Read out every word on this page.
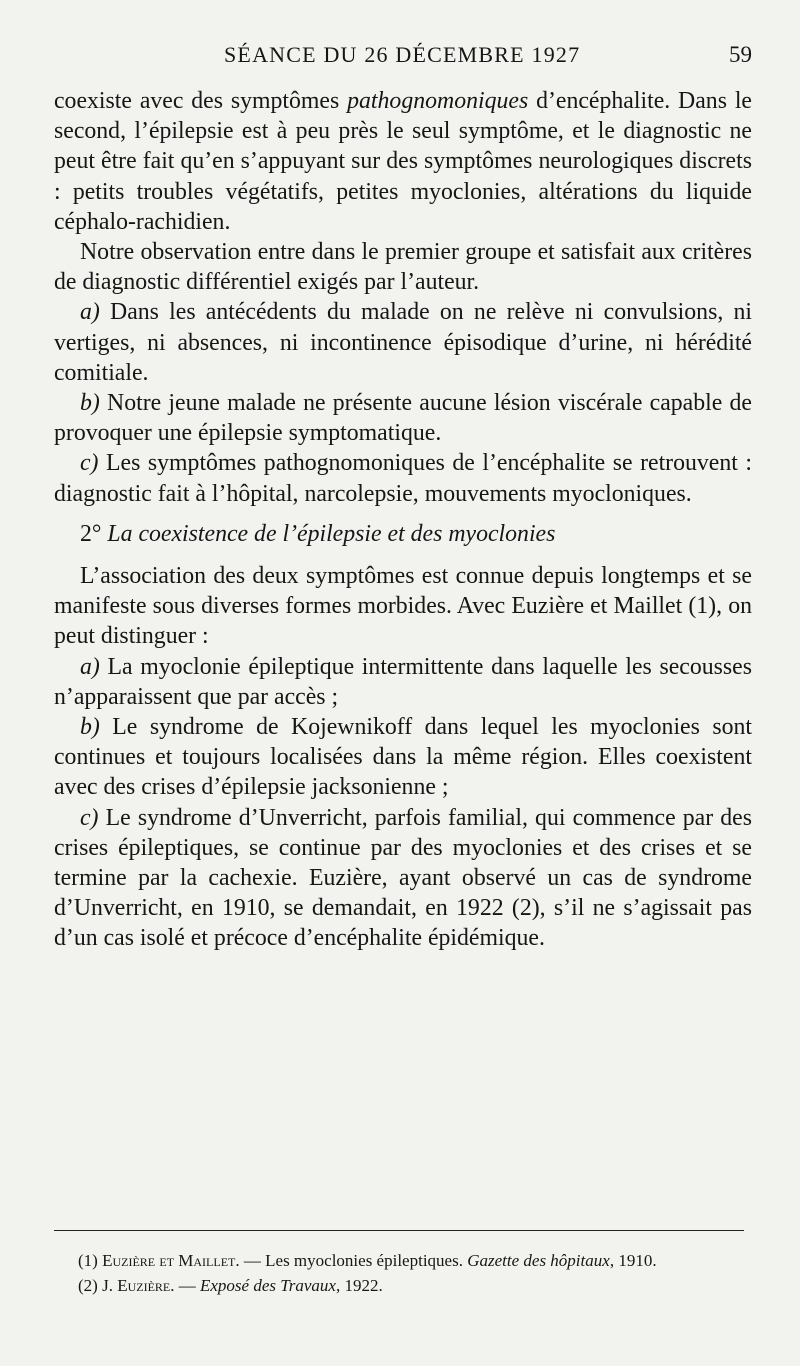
SÉANCE DU 26 DÉCEMBRE 1927	59

coexiste avec des symptômes pathognomoniques d’encéphalite. Dans le second, l’épilepsie est à peu près le seul symptôme, et le diagnostic ne peut être fait qu’en s’appuyant sur des symptômes neurologiques discrets : petits troubles végétatifs, petites myoclonies, altérations du liquide céphalo-rachidien.

Notre observation entre dans le premier groupe et satisfait aux critères de diagnostic différentiel exigés par l’auteur.

a) Dans les antécédents du malade on ne relève ni convulsions, ni vertiges, ni absences, ni incontinence épisodique d’urine, ni hérédité comitiale.

b) Notre jeune malade ne présente aucune lésion viscérale capable de provoquer une épilepsie symptomatique.

c) Les symptômes pathognomoniques de l’encéphalite se retrouvent : diagnostic fait à l’hôpital, narcolepsie, mouvements myocloniques.

2° La coexistence de l’épilepsie et des myoclonies

L’association des deux symptômes est connue depuis longtemps et se manifeste sous diverses formes morbides. Avec Euzière et Maillet (1), on peut distinguer :

a) La myoclonie épileptique intermittente dans laquelle les secousses n’apparaissent que par accès ;

b) Le syndrome de Kojewnikoff dans lequel les myoclonies sont continues et toujours localisées dans la même région. Elles coexistent avec des crises d’épilepsie jacksonienne ;

c) Le syndrome d’Unverricht, parfois familial, qui commence par des crises épileptiques, se continue par des myoclonies et des crises et se termine par la cachexie. Euzière, ayant observé un cas de syndrome d’Unverricht, en 1910, se demandait, en 1922 (2), s’il ne s’agissait pas d’un cas isolé et précoce d’encéphalite épidémique.

(1) Euzière et Maillet. — Les myoclonies épileptiques. Gazette des hôpitaux, 1910.

(2) J. Euzière. — Exposé des Travaux, 1922.
